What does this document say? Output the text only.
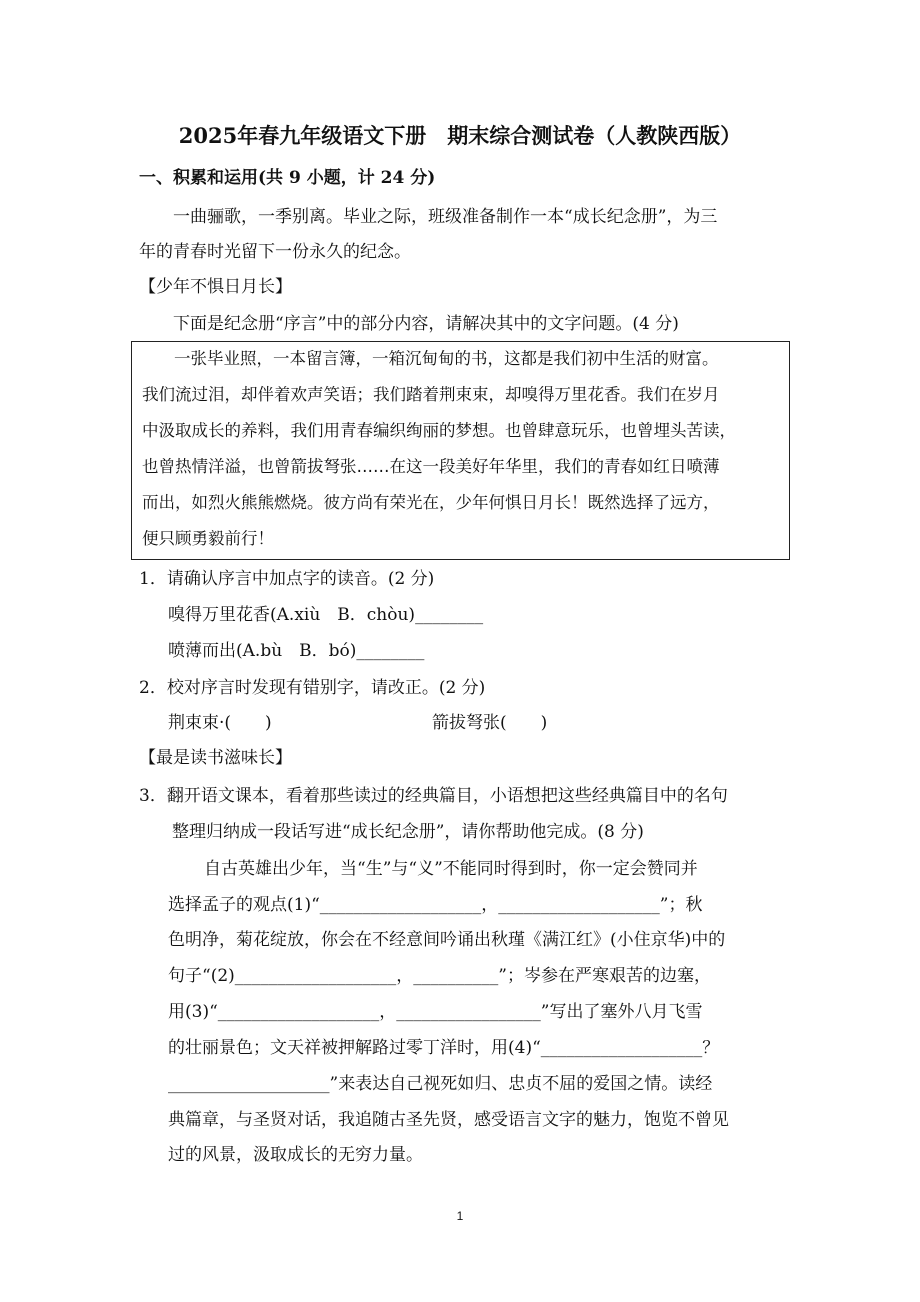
2025年春九年级语文下册　期末综合测试卷（人教陕西版）
一、积累和运用(共 9 小题，计 24 分)
一曲骊歌，一季别离。毕业之际，班级准备制作一本“成长纪念册”，为三
年的青春时光留下一份永久的纪念。
【少年不惧日月长】
下面是纪念册“序言”中的部分内容，请解决其中的文字问题。(4 分)
一张毕业照，一本留言簿，一箱沉甸甸的书，这都是我们初中生活的财富。
我们流过泪，却伴着欢声笑语；我们踏着荆束束，却嗅得万里花香。我们在岁月
中汲取成长的养料，我们用青春编织绚丽的梦想。也曾肆意玩乐，也曾埋头苦读，
也曾热情洋溢，也曾箭拔弩张……在这一段美好年华里，我们的青春如红日喷薄
而出，如烈火熊熊燃烧。彼方尚有荣光在，少年何惧日月长！既然选择了远方，
便只顾勇毅前行！
1．请确认序言中加点字的读音。(2 分)
嗅得万里花香(A.xiù　B．chòu)________
喷薄而出(A.bù　B．bó)________
2．校对序言时发现有错别字，请改正。(2 分)
荆束束·(　　)	箭拔弩张(　　)
【最是读书滋味长】
3．翻开语文课本，看着那些读过的经典篇目，小语想把这些经典篇目中的名句
整理归纳成一段话写进“成长纪念册”，请你帮助他完成。(8 分)
自古英雄出少年，当“生”与“义”不能同时得到时，你一定会赞同并
选择孟子的观点(1)“___________________，___________________”；秋
色明净，菊花绽放，你会在不经意间吟诵出秋瑾《满江红》(小住京华)中的
句子“(2)___________________，__________”；岑参在严寒艰苦的边塞，
用(3)“___________________，_________________”写出了塞外八月飞雪
的壮丽景色；文天祥被押解路过零丁洋时，用(4)“___________________？
___________________”来表达自己视死如归、忠贞不屈的爱国之情。读经
典篇章，与圣贤对话，我追随古圣先贤，感受语言文字的魅力，饱览不曾见
过的风景，汲取成长的无穷力量。
1
